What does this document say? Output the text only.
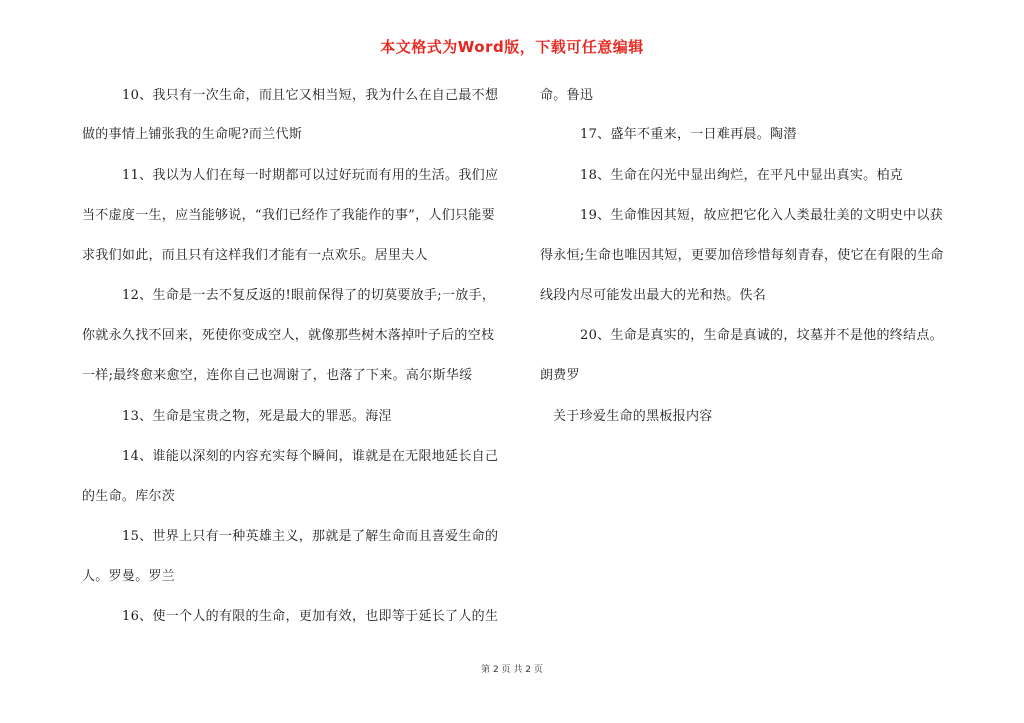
本文格式为Word版，下载可任意编辑
10、我只有一次生命，而且它又相当短，我为什么在自己最不想
做的事情上铺张我的生命呢?而兰代斯
11、我以为人们在每一时期都可以过好玩而有用的生活。我们应
当不虚度一生，应当能够说，“我们已经作了我能作的事”，人们只能要
求我们如此，而且只有这样我们才能有一点欢乐。居里夫人
12、生命是一去不复反返的!眼前保得了的切莫要放手;一放手，
你就永久找不回来，死使你变成空人，就像那些树木落掉叶子后的空枝
一样;最终愈来愈空，连你自己也凋谢了，也落了下来。高尔斯华绥
13、生命是宝贵之物，死是最大的罪恶。海涅
14、谁能以深刻的内容充实每个瞬间，谁就是在无限地延长自己
的生命。库尔茨
15、世界上只有一种英雄主义，那就是了解生命而且喜爱生命的
人。罗曼。罗兰
16、使一个人的有限的生命，更加有效，也即等于延长了人的生
命。鲁迅
17、盛年不重来，一日难再晨。陶潜
18、生命在闪光中显出绚烂，在平凡中显出真实。柏克
19、生命惟因其短，故应把它化入人类最壮美的文明史中以获
得永恒;生命也唯因其短，更要加倍珍惜每刻青春，使它在有限的生命
线段内尽可能发出最大的光和热。佚名
20、生命是真实的，生命是真诚的，坟墓并不是他的终结点。
朗费罗
关于珍爱生命的黑板报内容
第 2 页 共 2 页
